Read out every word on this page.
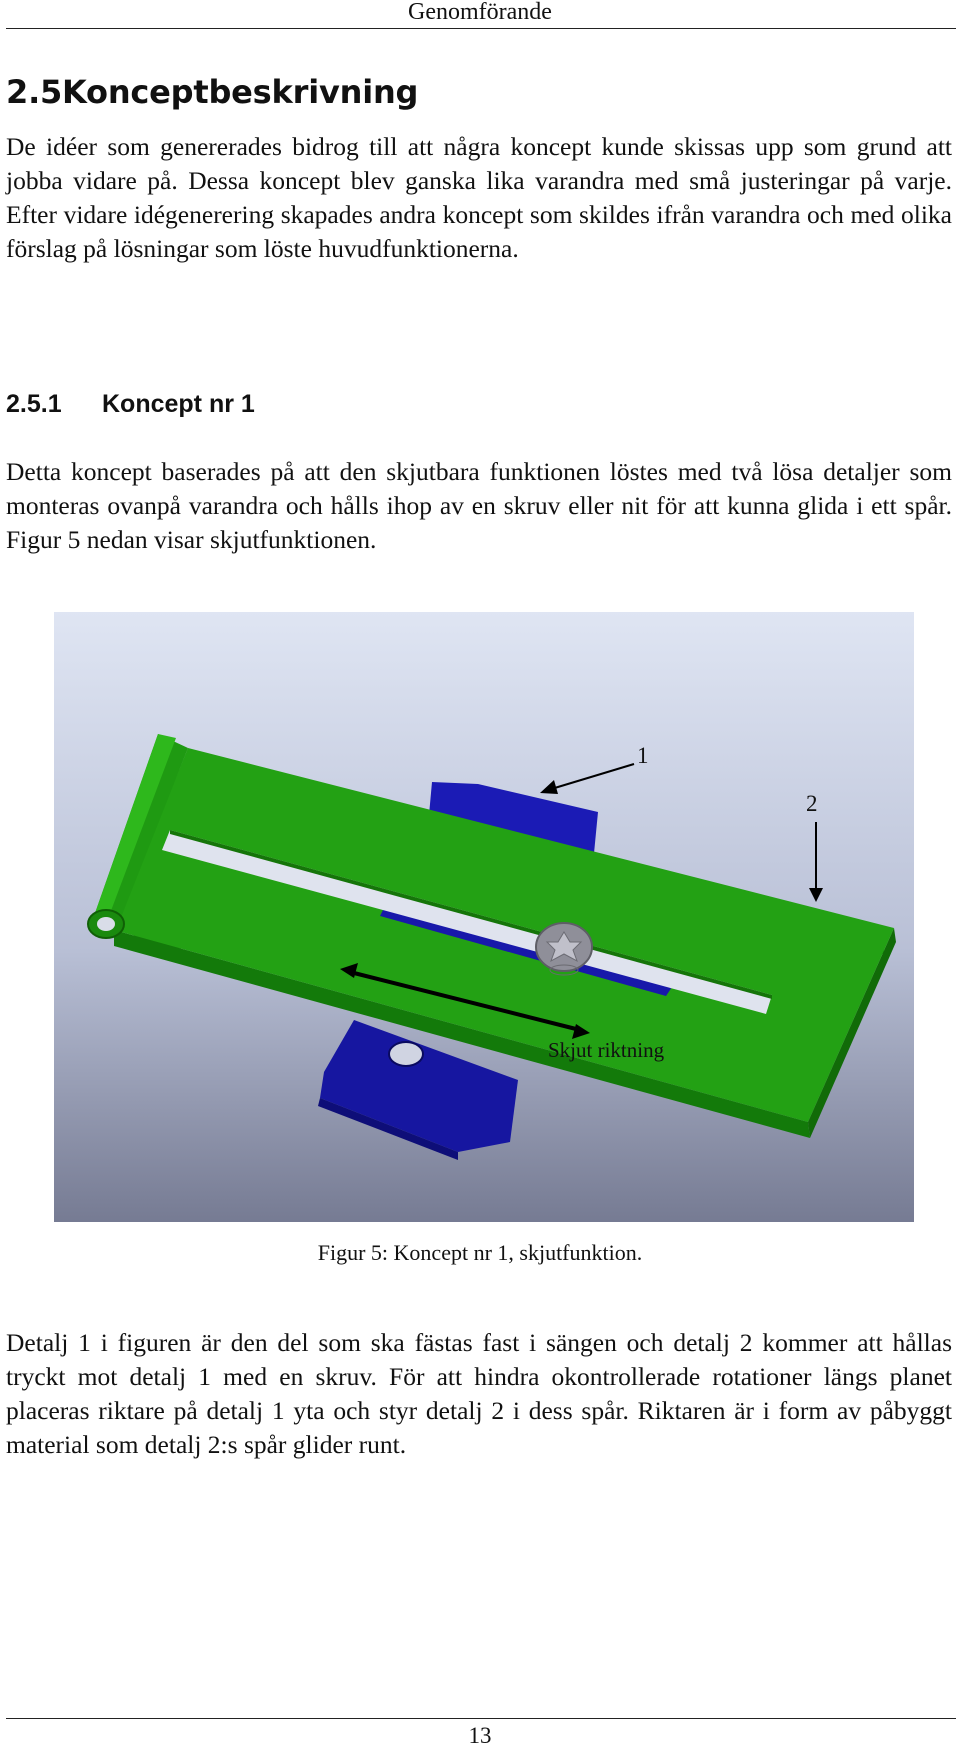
Genomförande
2.5Konceptbeskrivning

De idéer som genererades bidrog till att några koncept kunde skissas upp som grund att jobba vidare på. Dessa koncept blev ganska lika varandra med små justeringar på varje. Efter vidare idégenerering skapades andra koncept som skildes ifrån varandra och med olika förslag på lösningar som löste huvudfunktionerna.

2.5.1 Koncept nr 1

Detta koncept baserades på att den skjutbara funktionen löstes med två lösa detaljer som monteras ovanpå varandra och hålls ihop av en skruv eller nit för att kunna glida i ett spår. Figur 5 nedan visar skjutfunktionen.

1
2
Skjut riktning
Figur 5: Koncept nr 1, skjutfunktion.

Detalj 1 i figuren är den del som ska fästas fast i sängen och detalj 2 kommer att hållas tryckt mot detalj 1 med en skruv. För att hindra okontrollerade rotationer längs planet placeras riktare på detalj 1 yta och styr detalj 2 i dess spår. Riktaren är i form av påbyggt material som detalj 2:s spår glider runt.

13
